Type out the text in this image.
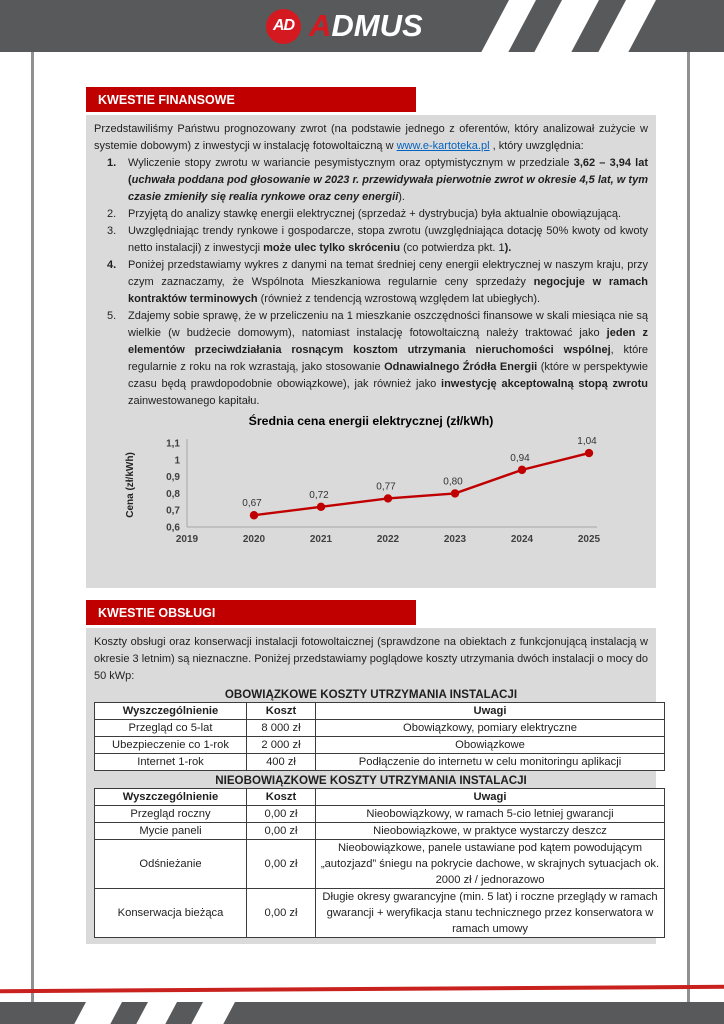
AD ADMUS
KWESTIE FINANSOWE

Przedstawiliśmy Państwu prognozowany zwrot (na podstawie jednego z oferentów, który analizował zużycie w systemie dobowym) z inwestycji w instalację fotowoltaiczną w www.e-kartoteka.pl , który uwzględnia:

1. Wyliczenie stopy zwrotu w wariancie pesymistycznym oraz optymistycznym w przedziale 3,62 – 3,94 lat (uchwała poddana pod głosowanie w 2023 r. przewidywała pierwotnie zwrot w okresie 4,5 lat, w tym czasie zmieniły się realia rynkowe oraz ceny energii).
2. Przyjętą do analizy stawkę energii elektrycznej (sprzedaż + dystrybucja) była aktualnie obowiązującą.
3. Uwzględniając trendy rynkowe i gospodarcze, stopa zwrotu (uwzględniająca dotację 50% kwoty od kwoty netto instalacji) z inwestycji może ulec tylko skróceniu (co potwierdza pkt. 1).
4. Poniżej przedstawiamy wykres z danymi na temat średniej ceny energii elektrycznej w naszym kraju, przy czym zaznaczamy, że Wspólnota Mieszkaniowa regularnie ceny sprzedaży negocjuje w ramach kontraktów terminowych (również z tendencją wzrostową względem lat ubiegłych).
5. Zdajemy sobie sprawę, że w przeliczeniu na 1 mieszkanie oszczędności finansowe w skali miesiąca nie są wielkie (w budżecie domowym), natomiast instalację fotowoltaiczną należy traktować jako jeden z elementów przeciwdziałania rosnącym kosztom utrzymania nieruchomości wspólnej, które regularnie z roku na rok wzrastają, jako stosowanie Odnawialnego Źródła Energii (które w perspektywie czasu będą prawdopodobnie obowiązkowe), jak również jako inwestycję akceptowalną stopą zwrotu zainwestowanego kapitału.
Średnia cena energii elektrycznej (zł/kWh)
0,6
0,7
0,8
0,9
1
1,1
2019	2020	2021	2022	2023	2024	2025
0,67
0,72
0,77	0,80
0,94
1,04
Cena (zł/kWh)
KWESTIE OBSŁUGI

Koszty obsługi oraz konserwacji instalacji fotowoltaicznej (sprawdzone na obiektach z funkcjonującą instalacją w okresie 3 letnim) są nieznaczne. Poniżej przedstawiamy poglądowe koszty utrzymania dwóch instalacji o mocy do 50 kWp:

OBOWIĄZKOWE KOSZTY UTRZYMANIA INSTALACJI
Wyszczególnienie	Koszt	Uwagi
Przegląd co 5-lat	8 000 zł	Obowiązkowy, pomiary elektryczne
Ubezpieczenie co 1-rok	2 000 zł	Obowiązkowe
Internet 1-rok	400 zł	Podłączenie do internetu w celu monitoringu aplikacji
NIEOBOWIĄZKOWE KOSZTY UTRZYMANIA INSTALACJI
Wyszczególnienie	Koszt	Uwagi
Przegląd roczny	0,00 zł	Nieobowiązkowy, w ramach 5-cio letniej gwarancji
Mycie paneli	0,00 zł	Nieobowiązkowe, w praktyce wystarczy deszcz
Odśnieżanie	0,00 zł	Nieobowiązkowe, panele ustawiane pod kątem powodującym „autozjazd” śniegu na pokrycie dachowe, w skrajnych sytuacjach ok. 2000 zł / jednorazowo
Konserwacja bieżąca	0,00 zł	Długie okresy gwarancyjne (min. 5 lat) i roczne przeglądy w ramach gwarancji + weryfikacja stanu technicznego przez konserwatora w ramach umowy
